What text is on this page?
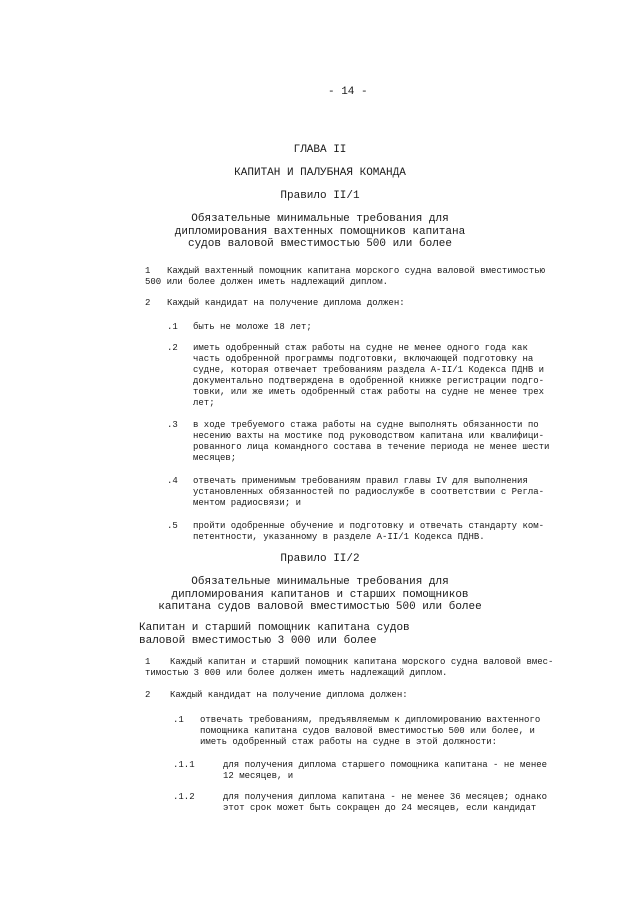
- 14 -
ГЛАВА II
КАПИТАН И ПАЛУБНАЯ КОМАНДА
Правило II/1
Обязательные минимальные требования для
дипломирования вахтенных помощников капитана
судов валовой вместимостью 500 или более
1	Каждый вахтенный помощник капитана морского судна валовой вместимостью
500 или более должен иметь надлежащий диплом.
2 Каждый кандидат на получение диплома должен:
.1 быть не моложе 18 лет;
.2 иметь одобренный стаж работы на судне не менее одного года как
часть одобренной программы подготовки, включающей подготовку на
судне, которая отвечает требованиям раздела А-II/1 Кодекса ПДНВ и
документально подтверждена в одобренной книжке регистрации подго-
товки, или же иметь одобренный стаж работы на судне не менее трех
лет;
.3 в ходе требуемого стажа работы на судне выполнять обязанности по
несению вахты на мостике под руководством капитана или квалифици-
рованного лица командного состава в течение периода не менее шести
месяцев;
.4 отвечать применимым требованиям правил главы IV для выполнения
установленных обязанностей по радиослужбе в соответствии с Регла-
ментом радиосвязи; и
.5 пройти одобренные обучение и подготовку и отвечать стандарту ком-
петентности, указанному в разделе А-II/1 Кодекса ПДНВ.
Правило II/2
Обязательные минимальные требования для
дипломирования капитанов и старших помощников
капитана судов валовой вместимостью 500 или более
Капитан и старший помощник капитана судов
валовой вместимостью 3 000 или более
1	Каждый капитан и старший помощник капитана морского судна валовой вмес-
тимостью 3 000 или более должен иметь надлежащий диплом.
2 Каждый кандидат на получение диплома должен:
.1 отвечать требованиям, предъявляемым к дипломированию вахтенного
помощника капитана судов валовой вместимостью 500 или более, и
иметь одобренный стаж работы на судне в этой должности:
.1.1	для получения диплома старшего помощника капитана - не менее
12 месяцев, и
.1.2	для получения диплома капитана - не менее 36 месяцев; однако
этот срок может быть сокращен до 24 месяцев, если кандидат
